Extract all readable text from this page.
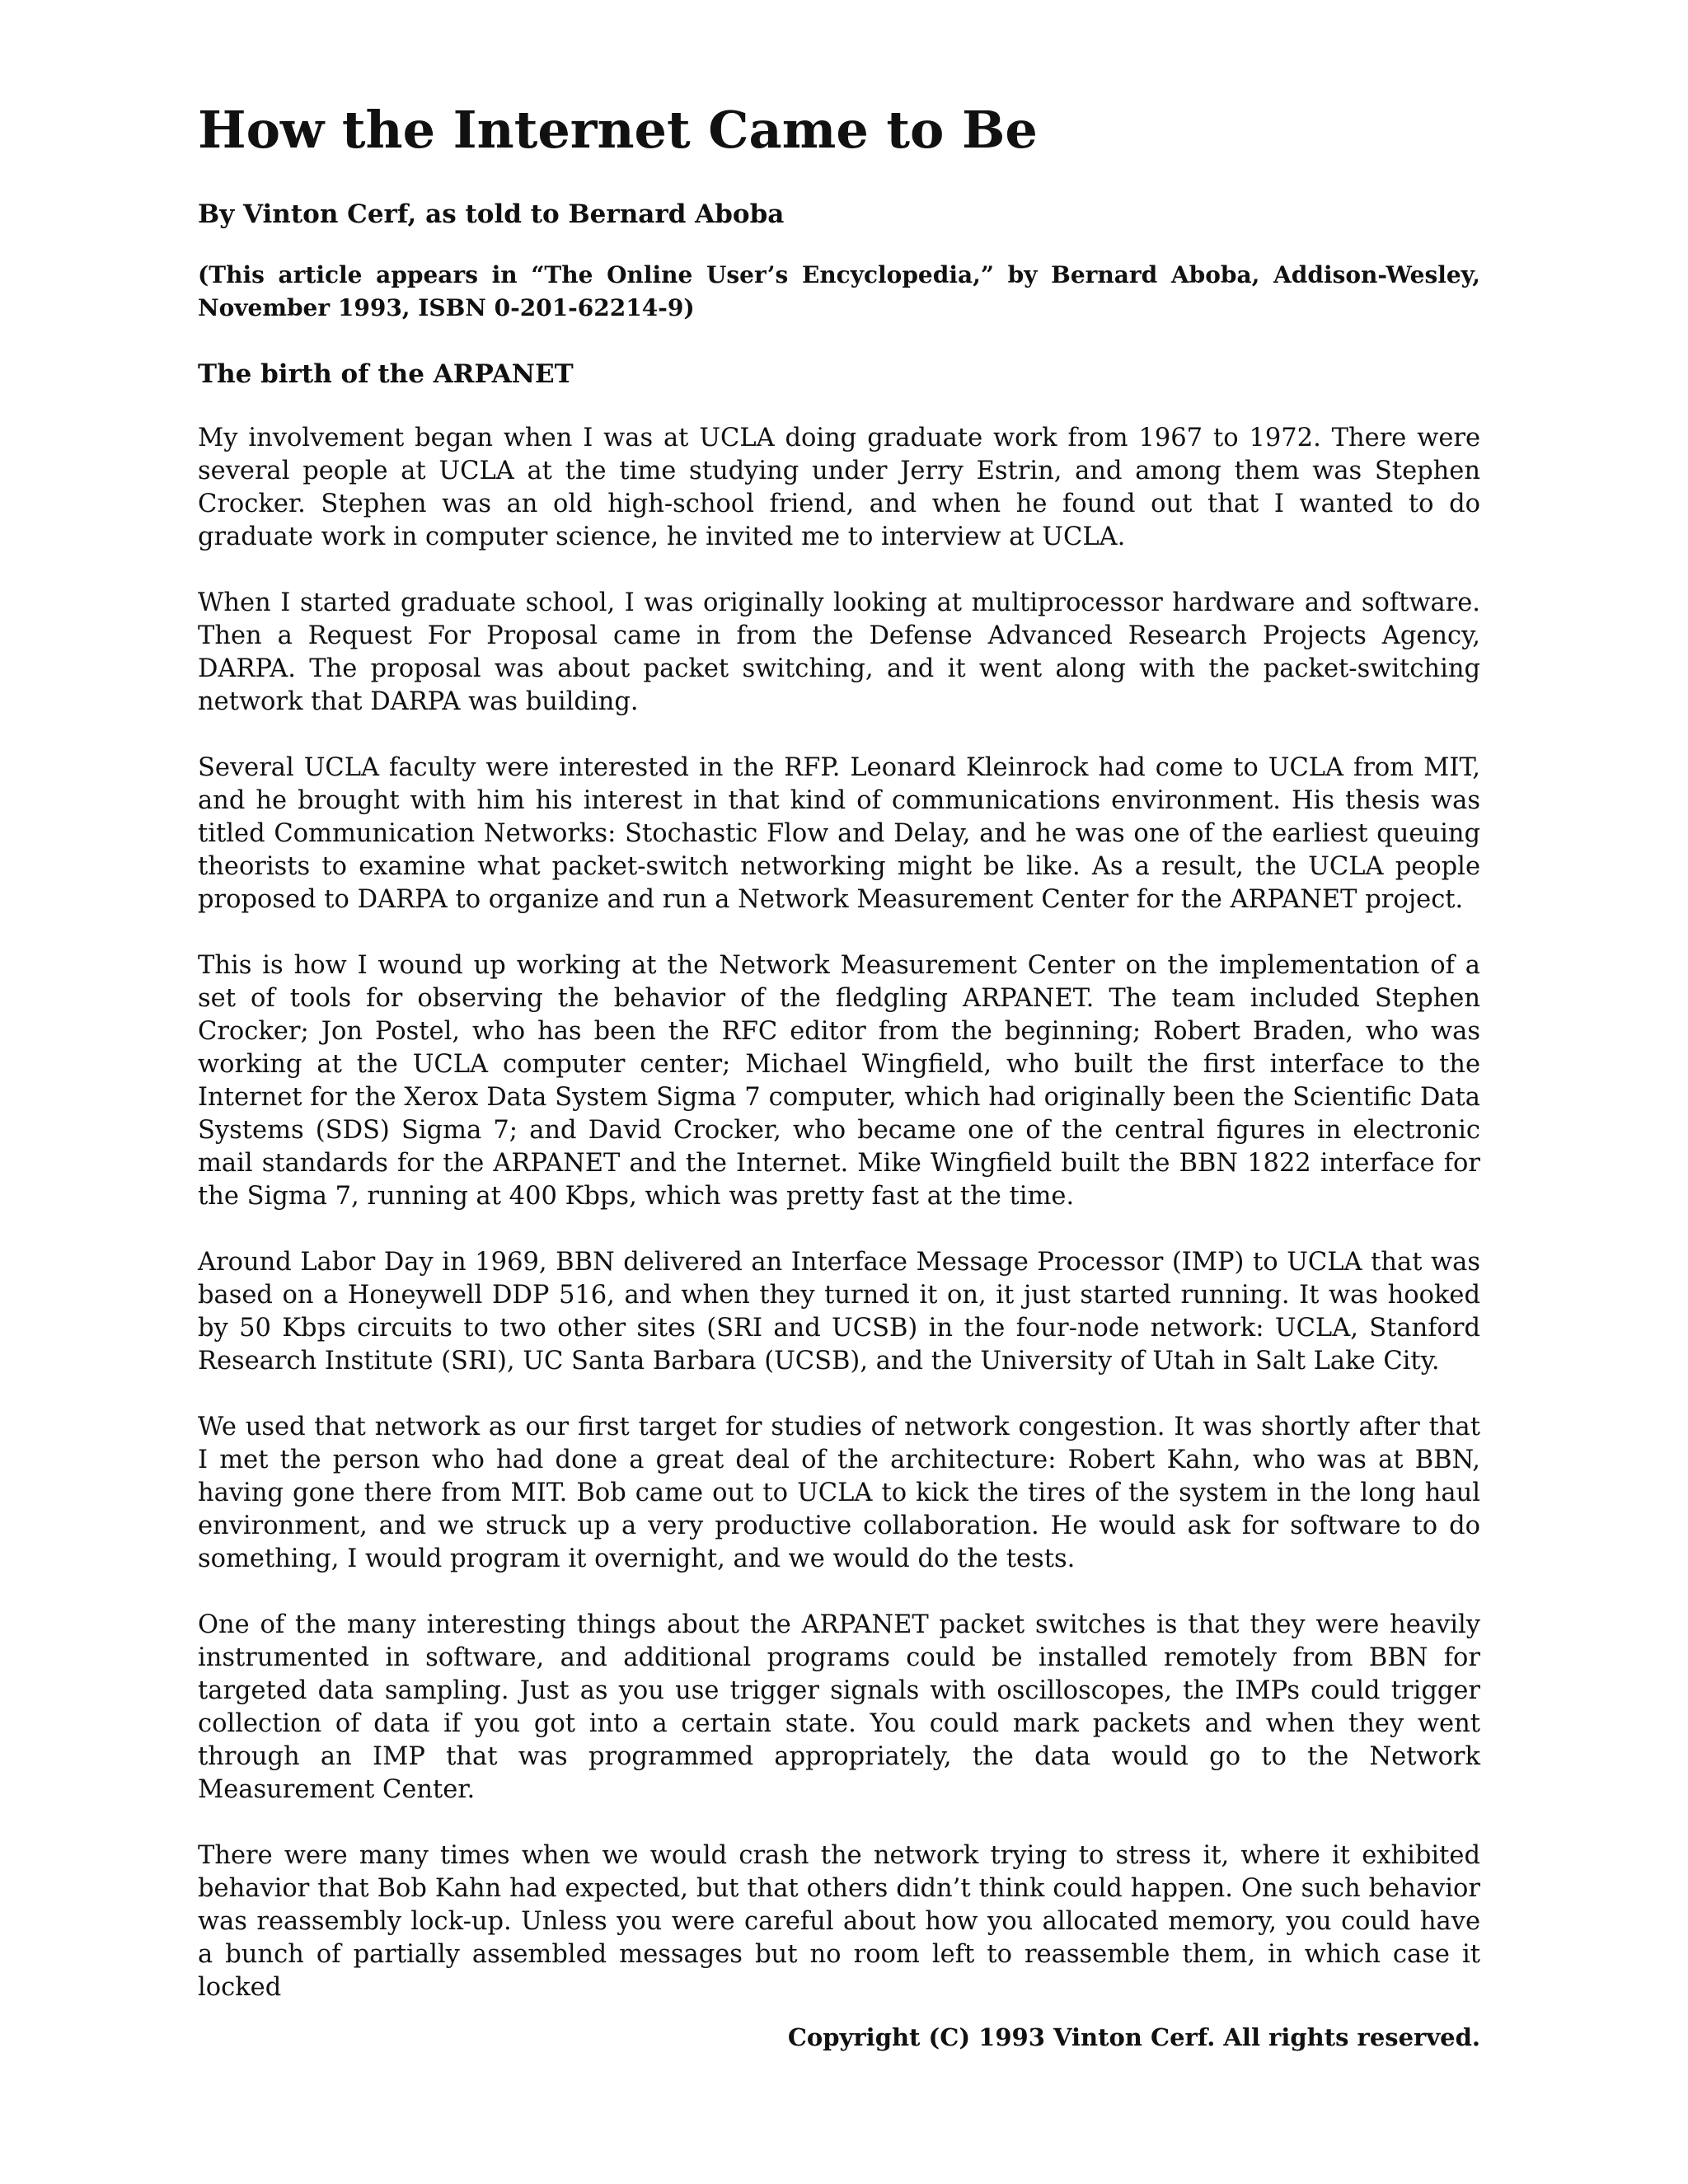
How the Internet Came to Be

By Vinton Cerf, as told to Bernard Aboba

(This article appears in “The Online User’s Encyclopedia,” by Bernard Aboba, Addison-Wesley, November 1993, ISBN 0-201-62214-9)

The birth of the ARPANET

My involvement began when I was at UCLA doing graduate work from 1967 to 1972. There were several people at UCLA at the time studying under Jerry Estrin, and among them was Stephen Crocker. Stephen was an old high-school friend, and when he found out that I wanted to do graduate work in computer science, he invited me to interview at UCLA.

When I started graduate school, I was originally looking at multiprocessor hardware and software. Then a Request For Proposal came in from the Defense Advanced Research Projects Agency, DARPA. The proposal was about packet switching, and it went along with the packet-switching network that DARPA was building.

Several UCLA faculty were interested in the RFP. Leonard Kleinrock had come to UCLA from MIT, and he brought with him his interest in that kind of communications environment. His thesis was titled Communication Networks: Stochastic Flow and Delay, and he was one of the earliest queuing theorists to examine what packet-switch networking might be like. As a result, the UCLA people proposed to DARPA to organize and run a Network Measurement Center for the ARPANET project.

This is how I wound up working at the Network Measurement Center on the implementation of a set of tools for observing the behavior of the fledgling ARPANET. The team included Stephen Crocker; Jon Postel, who has been the RFC editor from the beginning; Robert Braden, who was working at the UCLA computer center; Michael Wingfield, who built the first interface to the Internet for the Xerox Data System Sigma 7 computer, which had originally been the Scientific Data Systems (SDS) Sigma 7; and David Crocker, who became one of the central figures in electronic mail standards for the ARPANET and the Internet. Mike Wingfield built the BBN 1822 interface for the Sigma 7, running at 400 Kbps, which was pretty fast at the time.

Around Labor Day in 1969, BBN delivered an Interface Message Processor (IMP) to UCLA that was based on a Honeywell DDP 516, and when they turned it on, it just started running. It was hooked by 50 Kbps circuits to two other sites (SRI and UCSB) in the four-node network: UCLA, Stanford Research Institute (SRI), UC Santa Barbara (UCSB), and the University of Utah in Salt Lake City.

We used that network as our first target for studies of network congestion. It was shortly after that I met the person who had done a great deal of the architecture: Robert Kahn, who was at BBN, having gone there from MIT. Bob came out to UCLA to kick the tires of the system in the long haul environment, and we struck up a very productive collaboration. He would ask for software to do something, I would program it overnight, and we would do the tests.

One of the many interesting things about the ARPANET packet switches is that they were heavily instrumented in software, and additional programs could be installed remotely from BBN for targeted data sampling. Just as you use trigger signals with oscilloscopes, the IMPs could trigger collection of data if you got into a certain state. You could mark packets and when they went through an IMP that was programmed appropriately, the data would go to the Network Measurement Center.

There were many times when we would crash the network trying to stress it, where it exhibited behavior that Bob Kahn had expected, but that others didn’t think could happen. One such behavior was reassembly lock-up. Unless you were careful about how you allocated memory, you could have a bunch of partially assembled messages but no room left to reassemble them, in which case it locked

Copyright (C) 1993 Vinton Cerf. All rights reserved.
